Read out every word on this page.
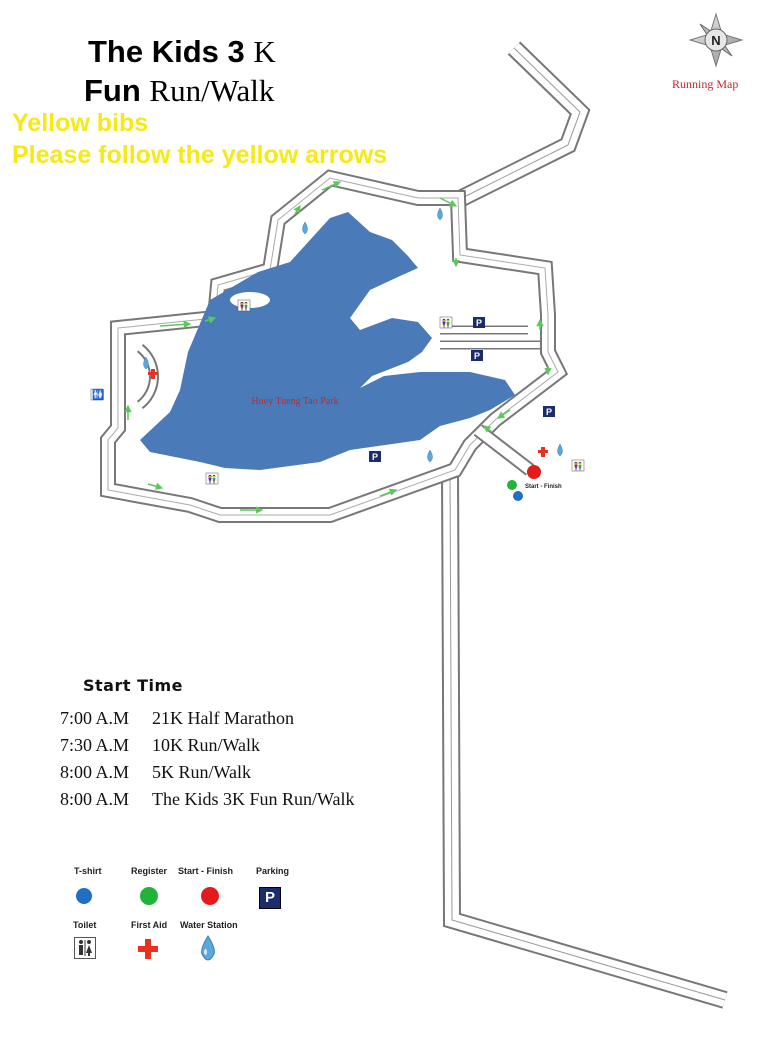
The Kids 3 K
Fun Run/Walk
Yellow bibs
Please follow the yellow arrows
N
Running Map
Huey Tueng Tao Park
🚻
👫
👫
👫
👫
P
P
P
P
Start - Finish
Start Time
7:00 A.M 21K Half Marathon
7:30 A.M 10K Run/Walk
8:00 A.M 5K Run/Walk
8:00 A.M The Kids 3K Fun Run/Walk
T-shirt	Register Start - Finish	Parking
P
Toilet	First Aid Water Station
